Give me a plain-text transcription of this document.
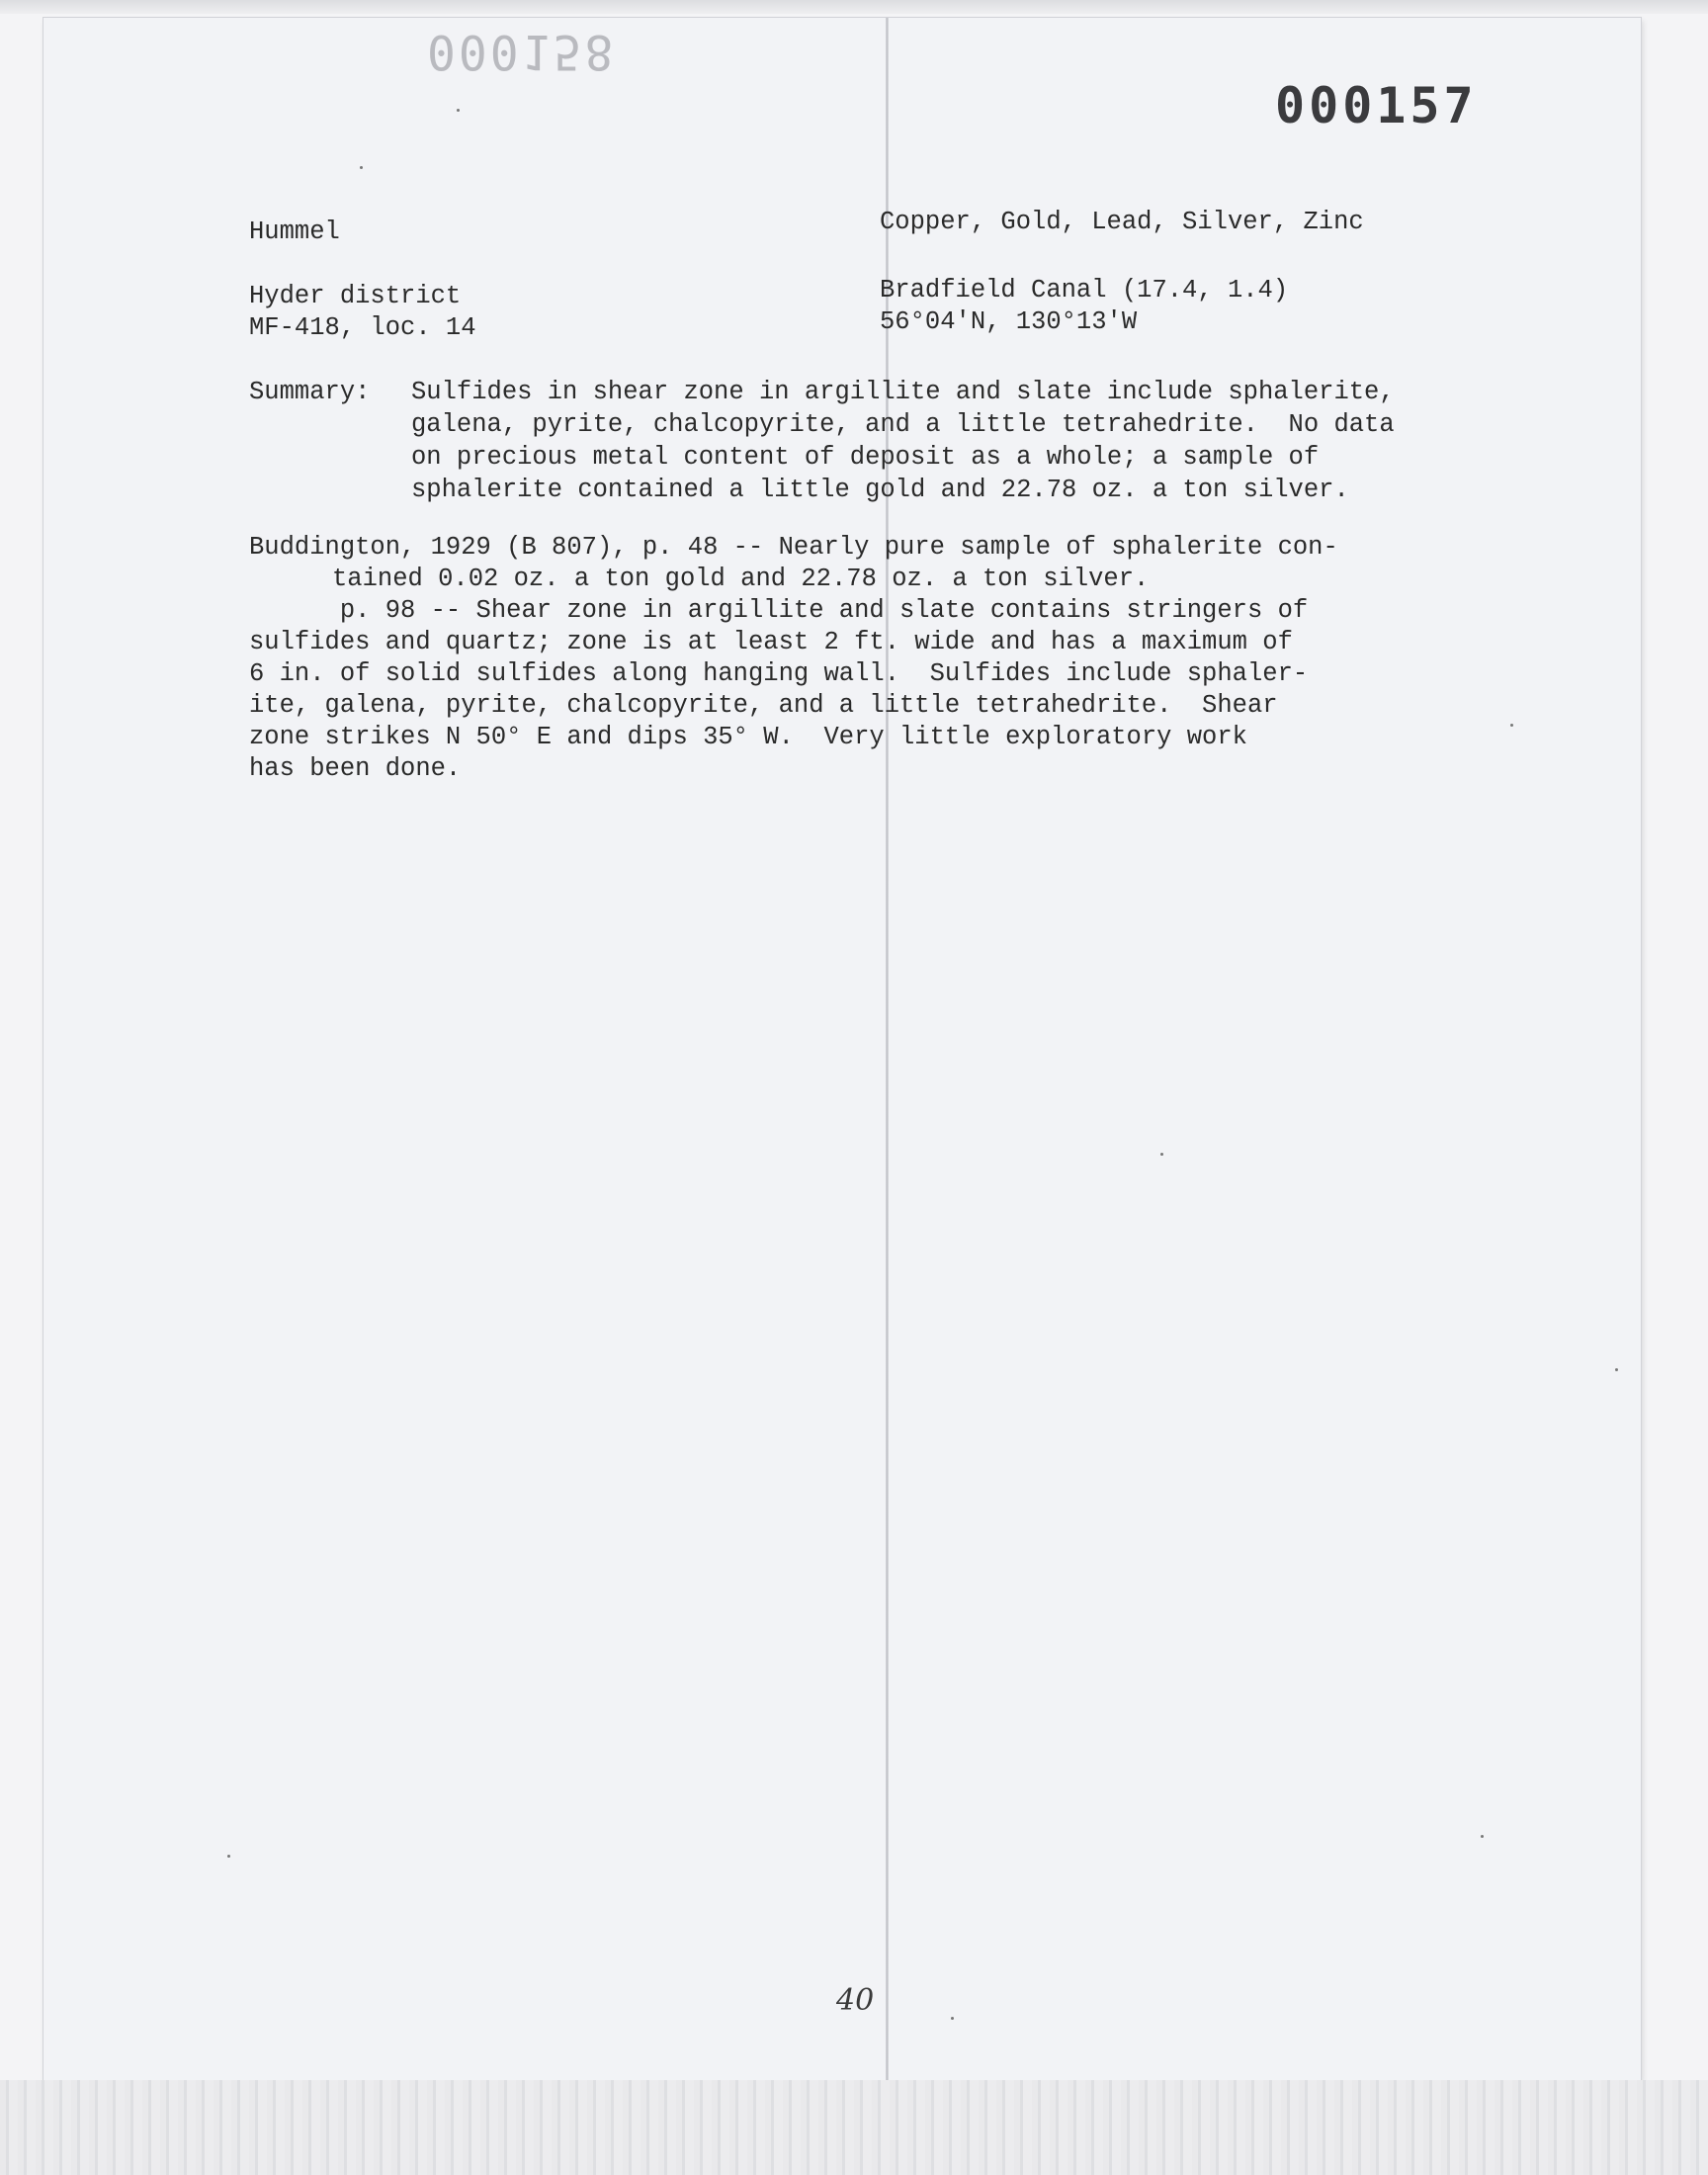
000158
000157
Hummel	Copper, Gold, Lead, Silver, Zinc
Hyder district
MF-418, loc. 14
Bradfield Canal (17.4, 1.4)
56°04'N, 130°13'W
Summary: Sulfides in shear zone in argillite and slate include sphalerite,
galena, pyrite, chalcopyrite, and a little tetrahedrite.  No data
on precious metal content of deposit as a whole; a sample of
sphalerite contained a little gold and 22.78 oz. a ton silver.
Buddington, 1929 (B 807), p. 48 -- Nearly pure sample of sphalerite con-
tained 0.02 oz. a ton gold and 22.78 oz. a ton silver.
p. 98 -- Shear zone in argillite and slate contains stringers of
sulfides and quartz; zone is at least 2 ft. wide and has a maximum of
6 in. of solid sulfides along hanging wall.  Sulfides include sphaler-
ite, galena, pyrite, chalcopyrite, and a little tetrahedrite.  Shear
zone strikes N 50° E and dips 35° W.  Very little exploratory work
has been done.
40
